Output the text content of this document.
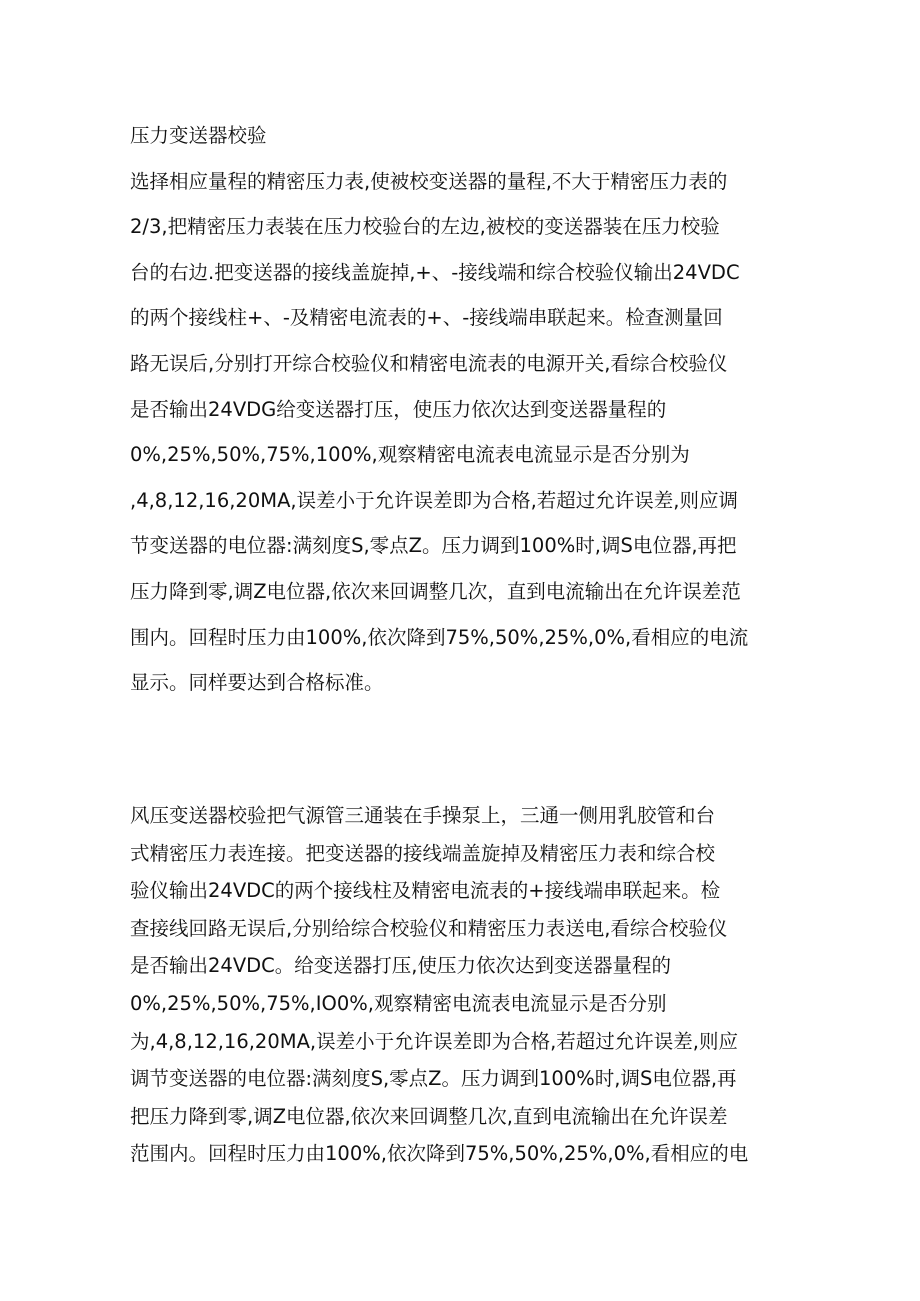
压力变送器校验
选择相应量程的精密压力表,使被校变送器的量程,不大于精密压力表的
2/3,把精密压力表装在压力校验台的左边,被校的变送器装在压力校验
台的右边.把变送器的接线盖旋掉,+、-接线端和综合校验仪输出24VDC
的两个接线柱+、-及精密电流表的+、-接线端串联起来。检查测量回
路无误后,分别打开综合校验仪和精密电流表的电源开关,看综合校验仪
是否输出24VDG给变送器打压，使压力依次达到变送器量程的
0%,25%,50%,75%,100%,观察精密电流表电流显示是否分别为
,4,8,12,16,20MA,误差小于允许误差即为合格,若超过允许误差,则应调
节变送器的电位器:满刻度S,零点Z。压力调到100%时,调S电位器,再把
压力降到零,调Z电位器,依次来回调整几次，直到电流输出在允许误差范
围内。回程时压力由100%,依次降到75%,50%,25%,0%,看相应的电流
显示。同样要达到合格标准。
风压变送器校验把气源管三通装在手操泵上，三通一侧用乳胶管和台
式精密压力表连接。把变送器的接线端盖旋掉及精密压力表和综合校
验仪输出24VDC的两个接线柱及精密电流表的+接线端串联起来。检
查接线回路无误后,分别给综合校验仪和精密压力表送电,看综合校验仪
是否输出24VDC。给变送器打压,使压力依次达到变送器量程的
0%,25%,50%,75%,IO0%,观察精密电流表电流显示是否分别
为,4,8,12,16,20MA,误差小于允许误差即为合格,若超过允许误差,则应
调节变送器的电位器:满刻度S,零点Z。压力调到100%时,调S电位器,再
把压力降到零,调Z电位器,依次来回调整几次,直到电流输出在允许误差
范围内。回程时压力由100%,依次降到75%,50%,25%,0%,看相应的电
